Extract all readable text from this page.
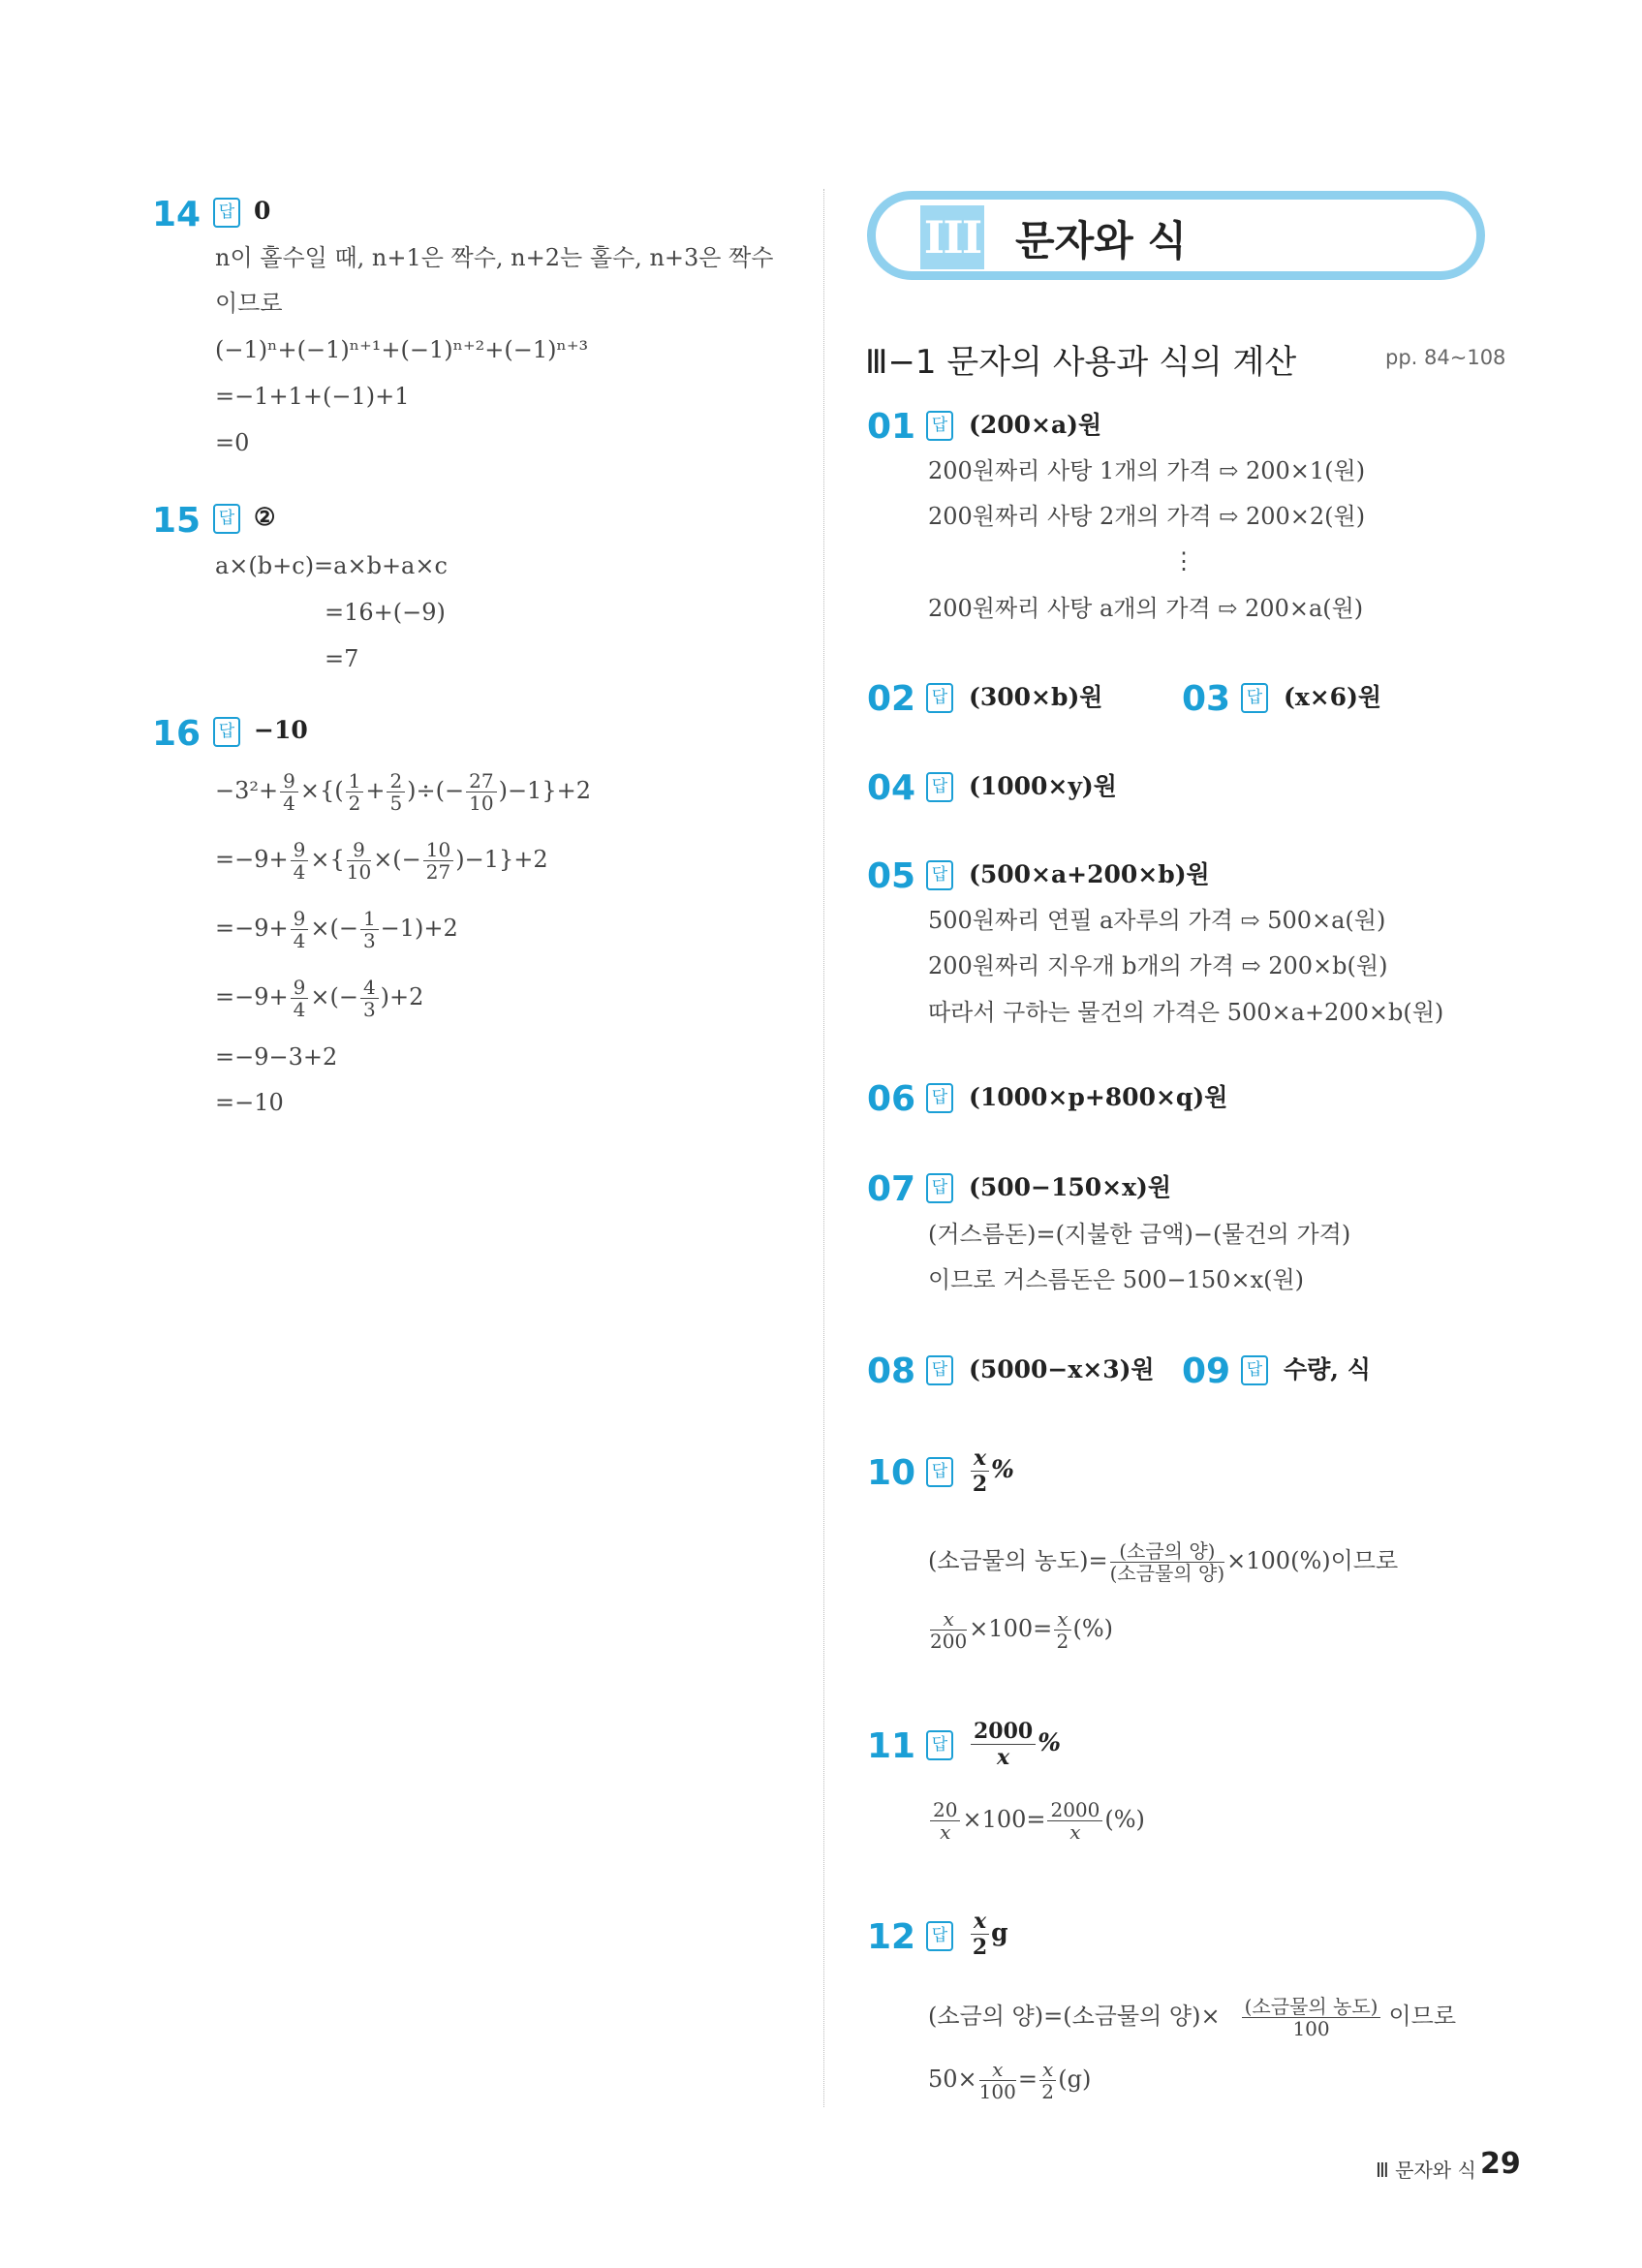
14	답 0
n이 홀수일 때, n+1은 짝수, n+2는 홀수, n+3은 짝수
이므로
(−1)ⁿ+(−1)ⁿ⁺¹+(−1)ⁿ⁺²+(−1)ⁿ⁺³
=−1+1+(−1)+1
=0
15	답 ②
a×(b+c)=a×b+a×c
=16+(−9)
=7
16	답 −10
$-3^2+ \frac{9}{4}$ ×{( $\frac{1}{2} + \frac{2}{5}$ )÷(− $\frac{27}{10} )-1\}+2$
$=-9+ \frac{9}{4}$ ×{ $\frac{9}{10}$ ×(− $\frac{10}{27} )-1\}+2$
$=-9+ \frac{9}{4}$ ×(− $\frac{1}{3} -1)+2$
$=-9+ \frac{9}{4}$ ×(− $\frac{4}{3} )+2$
=−9−3+2
=−10
III 문자와 식
Ⅲ−1 문자의 사용과 식의 계산	pp. 84~108
01 답 (200×a)원
200원짜리 사탕 1개의 가격 ⇨ 200×1(원)
200원짜리 사탕 2개의 가격 ⇨ 200×2(원)
⋮
200원짜리 사탕 a개의 가격 ⇨ 200×a(원)
02 답 (300×b)원 03 답 (x×6)원
04 답 (1000×y)원
05 답 (500×a+200×b)원
500원짜리 연필 a자루의 가격 ⇨ 500×a(원)
200원짜리 지우개 b개의 가격 ⇨ 200×b(원)
따라서 구하는 물건의 가격은 500×a+200×b(원)
06 답 (1000×p+800×q)원
07 답 (500−150×x)원
(거스름돈)=(지불한 금액)−(물건의 가격)
이므로 거스름돈은 500−150×x(원)
08 답 (5000−x×3)원 09 답 수량, 식
10 답 $\frac{x}{2}$ %
(소금물의 농도)= $\frac{\text{(소금의 양)}}{\text{(소금물의 양)}} \times 100(\%)$이므로
$\frac{x}{200} \times 100= \frac{x}{2}$ (%)
11 답 $\frac{2000}{x}$ %
$\frac{20}{x} \times 100= \frac{2000}{x}$ (%)
12 답 $\frac{x}{2}$ g
(소금의 양)=(소금물의 양)× $\frac{\text{(소금물의 농도)}}{100}$ 이므로
$50\times \frac{x}{100} = \frac{x}{2} (g)$
Ⅲ 문자와 식 29
